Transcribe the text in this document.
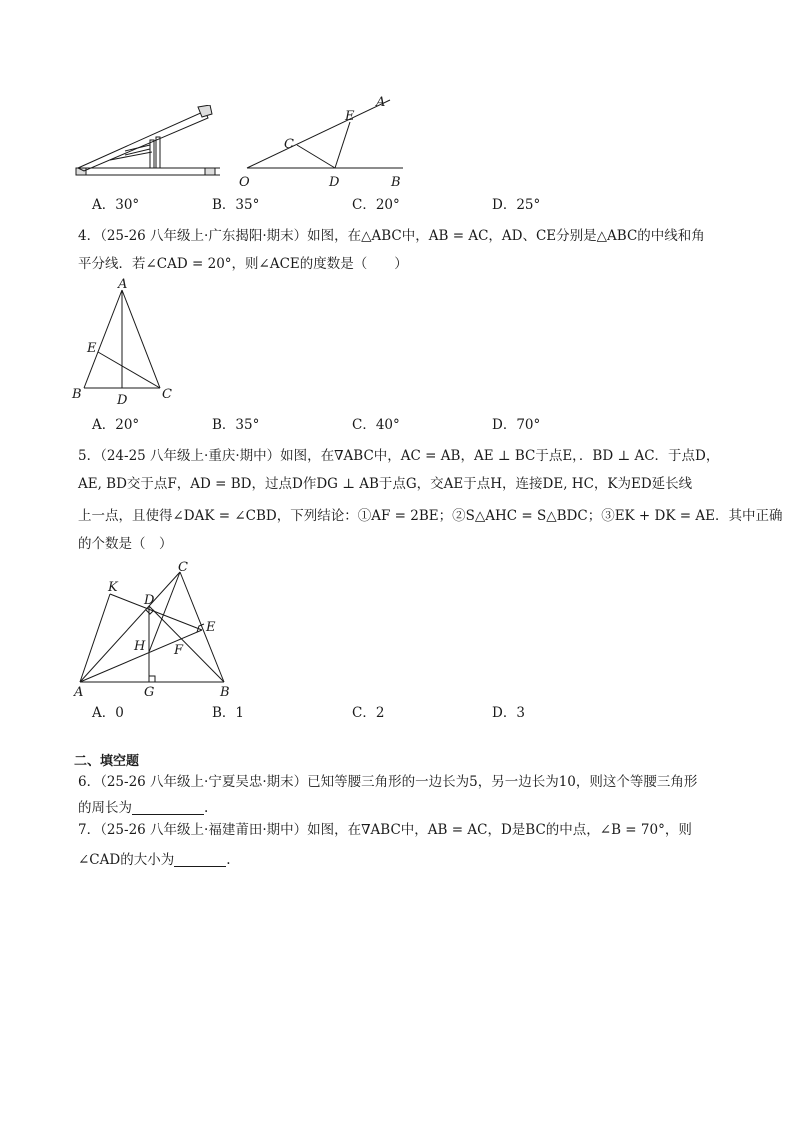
A
E
C
O	D	B
A．30°	B．35°	C．20°	D．25°
4．（25-26 八年级上·广东揭阳·期末）如图，在△ABC中，AB = AC，AD、CE分别是△ABC的中线和角
平分线．若∠CAD = 20°，则∠ACE的度数是（　　）
A
E
B	D	C
A．20°	B．35°	C．40°	D．70°
5．（24-25 八年级上·重庆·期中）如图，在∇ABC中，AC = AB，AE ⊥ BC于点E，．BD ⊥ AC．于点D，
AE, BD交于点F，AD = BD，过点D作DG ⊥ AB于点G，交AE于点H，连接DE, HC，K为ED延长线
上一点，且使得∠DAK = ∠CBD，下列结论：①AF = 2BE；②S△AHC = S△BDC；③EK + DK = AE．其中正确
的个数是（　）
C
K
D
E
H F
A	G	B
A．0	B．1	C．2	D．3
二、填空题
6．（25-26 八年级上·宁夏吴忠·期末）已知等腰三角形的一边长为5，另一边长为10，则这个等腰三角形
的周长为	.
7．（25-26 八年级上·福建莆田·期中）如图，在∇ABC中，AB = AC，D是BC的中点，∠B = 70°，则
∠CAD的大小为	.
